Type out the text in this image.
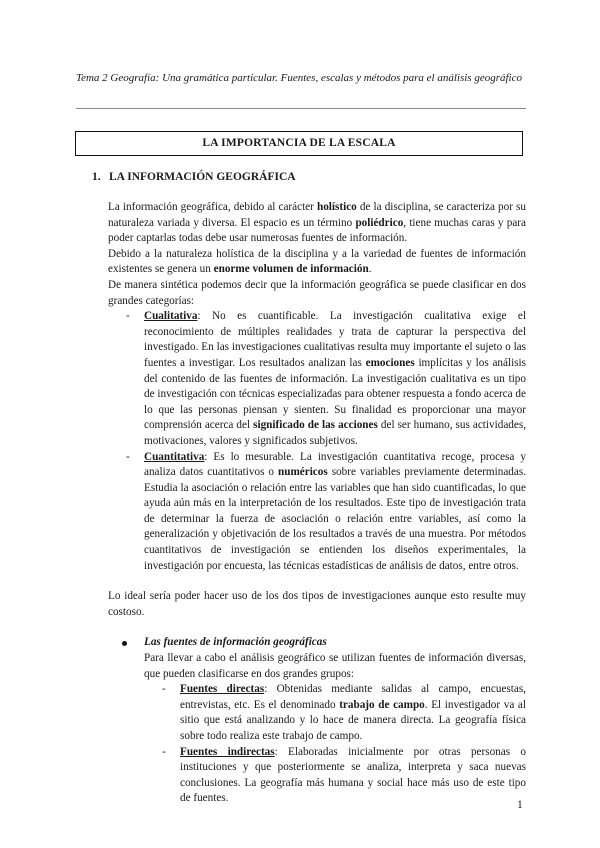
Tema 2 Geografía: Una gramática particular. Fuentes, escalas y métodos para el análisis geográfico
LA IMPORTANCIA DE LA ESCALA
1. LA INFORMACIÓN GEOGRÁFICA

La información geográfica, debido al carácter holístico de la disciplina, se caracteriza por su naturaleza variada y diversa. El espacio es un término poliédrico, tiene muchas caras y para poder captarlas todas debe usar numerosas fuentes de información.

Debido a la naturaleza holística de la disciplina y a la variedad de fuentes de información existentes se genera un enorme volumen de información.

De manera sintética podemos decir que la información geográfica se puede clasificar en dos grandes categorías:

- Cualitativa: No es cuantificable. La investigación cualitativa exige el reconocimiento de múltiples realidades y trata de capturar la perspectiva del investigado. En las investigaciones cualitativas resulta muy importante el sujeto o las fuentes a investigar. Los resultados analizan las emociones implícitas y los análisis del contenido de las fuentes de información. La investigación cualitativa es un tipo de investigación con técnicas especializadas para obtener respuesta a fondo acerca de lo que las personas piensan y sienten. Su finalidad es proporcionar una mayor comprensión acerca del significado de las acciones del ser humano, sus actividades, motivaciones, valores y significados subjetivos.
- Cuantitativa: Es lo mesurable. La investigación cuantitativa recoge, procesa y analiza datos cuantitativos o numéricos sobre variables previamente determinadas. Estudia la asociación o relación entre las variables que han sido cuantificadas, lo que ayuda aún más en la interpretación de los resultados. Este tipo de investigación trata de determinar la fuerza de asociación o relación entre variables, así como la generalización y objetivación de los resultados a través de una muestra. Por métodos cuantitativos de investigación se entienden los diseños experimentales, la investigación por encuesta, las técnicas estadísticas de análisis de datos, entre otros.

Lo ideal sería poder hacer uso de los dos tipos de investigaciones aunque esto resulte muy costoso.

Las fuentes de información geográficas

Para llevar a cabo el análisis geográfico se utilizan fuentes de información diversas, que pueden clasificarse en dos grandes grupos:

- Fuentes directas: Obtenidas mediante salidas al campo, encuestas, entrevistas, etc. Es el denominado trabajo de campo. El investigador va al sitio que está analizando y lo hace de manera directa. La geografía física sobre todo realiza este trabajo de campo.
- Fuentes indirectas: Elaboradas inicialmente por otras personas o instituciones y que posteriormente se analiza, interpreta y saca nuevas conclusiones. La geografía más humana y social hace más uso de este tipo de fuentes.
1
